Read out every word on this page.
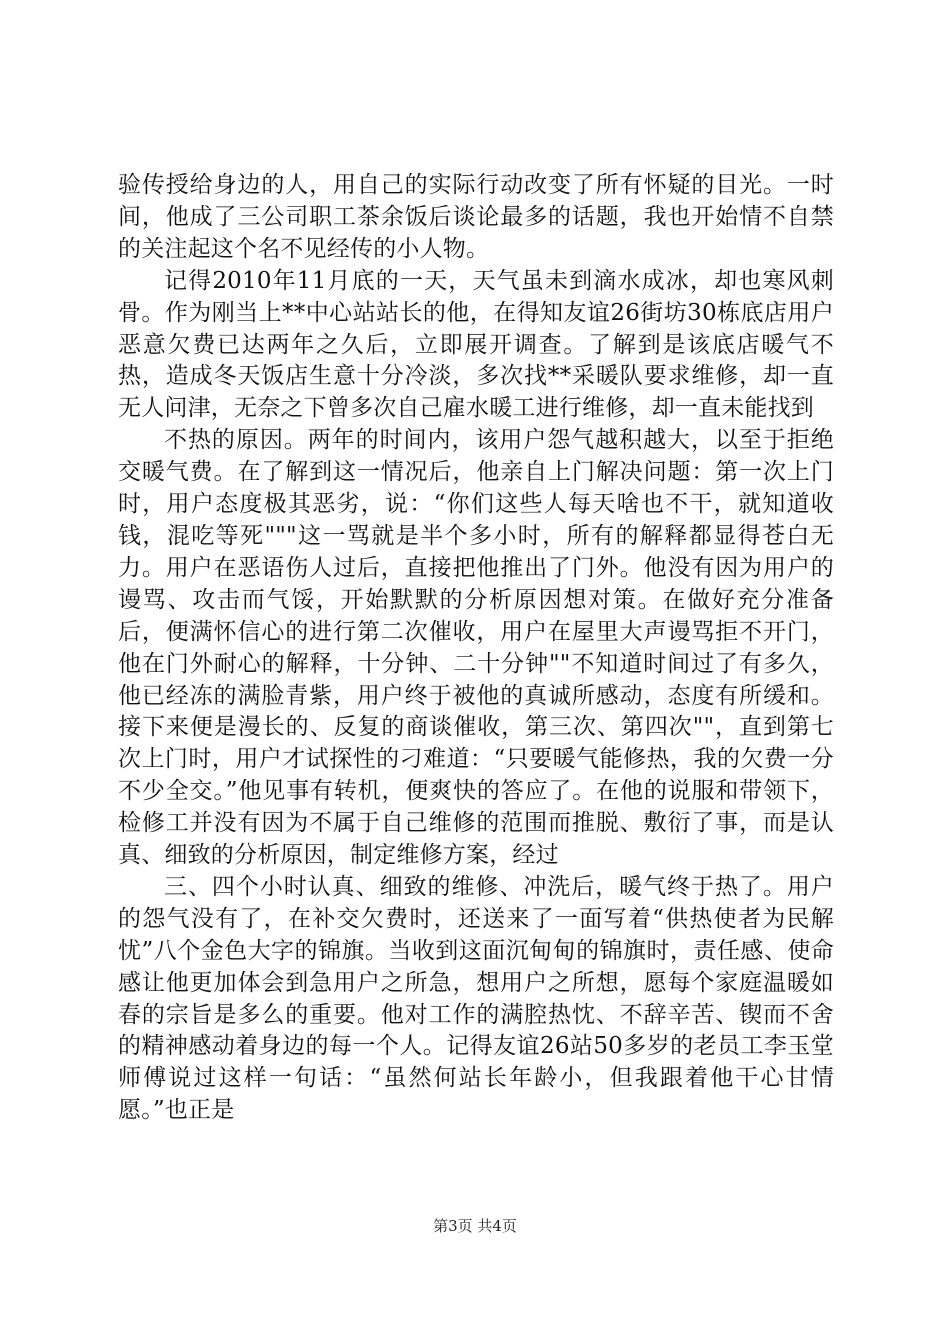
验传授给身边的人，用自己的实际行动改变了所有怀疑的目光。一时间，他成了三公司职工茶余饭后谈论最多的话题，我也开始情不自禁的关注起这个名不见经传的小人物。

记得2010年11月底的一天，天气虽未到滴水成冰，却也寒风刺骨。作为刚当上**中心站站长的他，在得知友谊26街坊30栋底店用户恶意欠费已达两年之久后，立即展开调查。了解到是该底店暖气不热，造成冬天饭店生意十分冷淡，多次找**采暖队要求维修，却一直无人问津，无奈之下曾多次自己雇水暖工进行维修，却一直未能找到

不热的原因。两年的时间内，该用户怨气越积越大，以至于拒绝交暖气费。在了解到这一情况后，他亲自上门解决问题：第一次上门时，用户态度极其恶劣，说：“你们这些人每天啥也不干，就知道收钱，混吃等死"""这一骂就是半个多小时，所有的解释都显得苍白无力。用户在恶语伤人过后，直接把他推出了门外。他没有因为用户的谩骂、攻击而气馁，开始默默的分析原因想对策。在做好充分准备后，便满怀信心的进行第二次催收，用户在屋里大声谩骂拒不开门，他在门外耐心的解释，十分钟、二十分钟""不知道时间过了有多久，他已经冻的满脸青紫，用户终于被他的真诚所感动，态度有所缓和。接下来便是漫长的、反复的商谈催收，第三次、第四次""，直到第七次上门时，用户才试探性的刁难道：“只要暖气能修热，我的欠费一分不少全交。”他见事有转机，便爽快的答应了。在他的说服和带领下，检修工并没有因为不属于自己维修的范围而推脱、敷衍了事，而是认真、细致的分析原因，制定维修方案，经过

三、四个小时认真、细致的维修、冲洗后，暖气终于热了。用户的怨气没有了，在补交欠费时，还送来了一面写着“供热使者为民解忧”八个金色大字的锦旗。当收到这面沉甸甸的锦旗时，责任感、使命感让他更加体会到急用户之所急，想用户之所想，愿每个家庭温暖如春的宗旨是多么的重要。他对工作的满腔热忱、不辞辛苦、锲而不舍的精神感动着身边的每一个人。记得友谊26站50多岁的老员工李玉堂师傅说过这样一句话：“虽然何站长年龄小，但我跟着他干心甘情愿。”也正是

第3页 共4页
